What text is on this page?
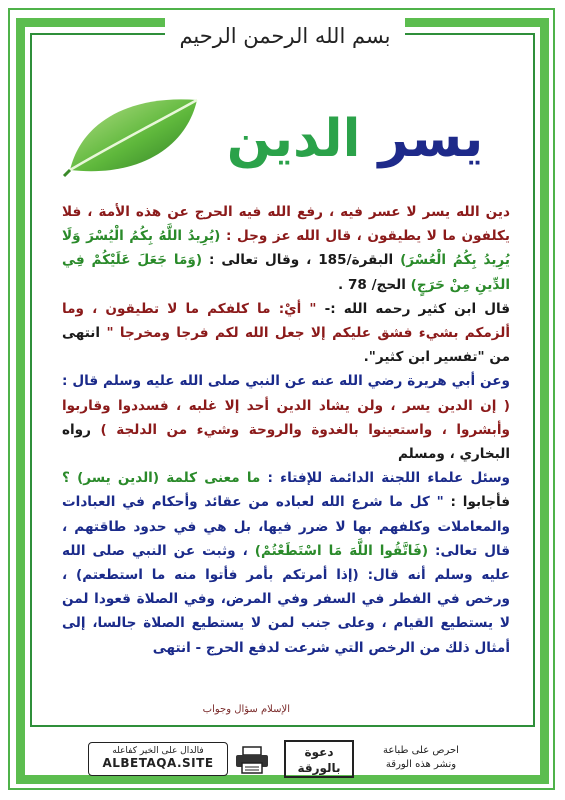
بسم الله الرحمن الرحيم
يسر الدين

دين الله يسر لا عسر فيه ، رفع الله فيه الحرج عن هذه الأمة ، فلا يكلفون ما لا يطيقون ، قال الله عز وجل : (يُرِيدُ اللَّهُ بِكُمُ الْيُسْرَ وَلَا يُرِيدُ بِكُمُ الْعُسْرَ) البقرة/185 ، وقال تعالى : (وَمَا جَعَلَ عَلَيْكُمْ فِي الدِّينِ مِنْ حَرَجٍ) الحج/ 78 .

قال ابن كثير رحمه الله :- " أيْ: ما كلفكم ما لا تطيقون ، وما ألزمكم بشيء فشق عليكم إلا جعل الله لكم فرجا ومخرجا " انتهى من "تفسير ابن كثير".

وعن أبي هريرة رضي الله عنه عن النبي صلى الله عليه وسلم قال : ( إن الدين يسر ، ولن يشاد الدين أحد إلا غلبه ، فسددوا وقاربوا وأبشروا ، واستعينوا بالغدوة والروحة وشيء من الدلجة ) رواه البخاري ، ومسلم

وسئل علماء اللجنة الدائمة للإفتاء : ما معنى كلمة (الدين يسر) ؟ فأجابوا : " كل ما شرع الله لعباده من عقائد وأحكام في العبادات والمعاملات وكلفهم بها لا ضرر فيها، بل هي في حدود طاقتهم ، قال تعالى: (فَاتَّقُوا اللَّهَ مَا اسْتَطَعْتُمْ) ، وثبت عن النبي صلى الله عليه وسلم أنه قال: (إذا أمرتكم بأمر فأتوا منه ما استطعتم) ، ورخص في الفطر في السفر وفي المرض، وفي الصلاة قعودا لمن لا يستطيع القيام ، وعلى جنب لمن لا يستطيع الصلاة جالسا، إلى أمثال ذلك من الرخص التي شرعت لدفع الحرج - انتهى

الإسلام سؤال وجواب
فالدال على الخير كفاعله
ALBETAQA.SITE
دعوة
بالورقة
احرص على طباعة
ونشر هذه الورقة
